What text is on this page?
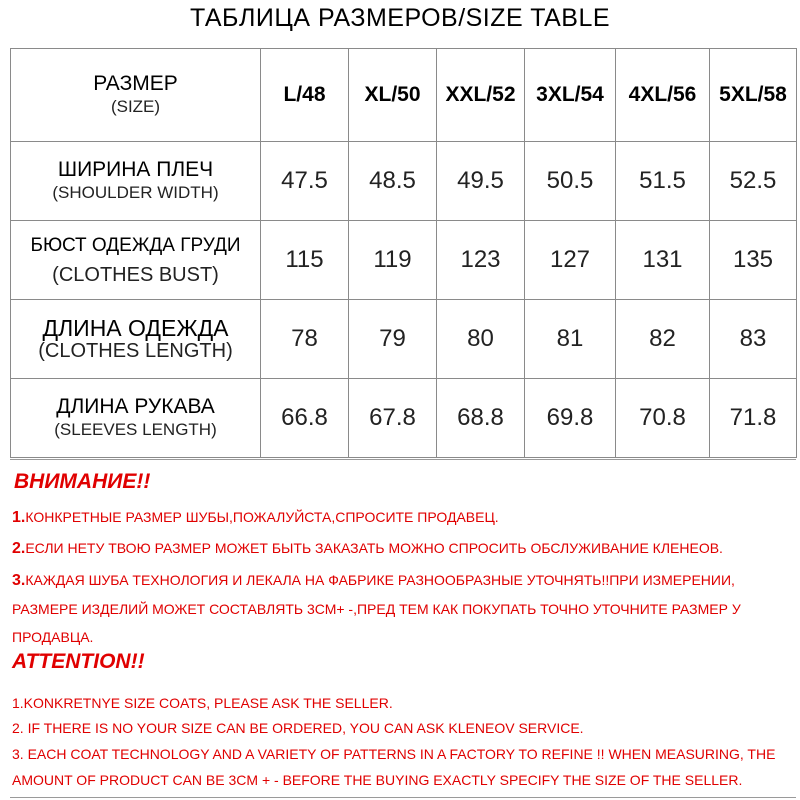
ТАБЛИЦА РАЗМЕРОВ/SIZE TABLE
РАЗМЕР
(SIZE)	L/48	XL/50	XXL/52	3XL/54	4XL/56	5XL/58

ШИРИНА ПЛЕЧ
(SHOULDER WIDTH)	47.5	48.5	49.5	50.5	51.5	52.5

БЮСТ ОДЕЖДА ГРУДИ
(CLOTHES BUST)	115	119	123	127	131	135

ДЛИНА ОДЕЖДА
(CLOTHES LENGTH)	78	79	80	81	82	83

ДЛИНА РУКАВА
(SLEEVES LENGTH)	66.8	67.8	68.8	69.8	70.8	71.8
ВНИМАНИЕ!!
1.КОНКРЕТНЫЕ РАЗМЕР ШУБЫ,ПОЖАЛУЙСТА,СПРОСИТЕ ПРОДАВЕЦ.
2.ЕСЛИ НЕТУ ТВОЮ РАЗМЕР МОЖЕТ БЫТЬ ЗАКАЗАТЬ МОЖНО СПРОСИТЬ ОБСЛУЖИВАНИЕ КЛЕНЕОВ.
3.КАЖДАЯ ШУБА ТЕХНОЛОГИЯ И ЛЕКАЛА НА ФАБРИКЕ РАЗНООБРАЗНЫЕ УТОЧНЯТЬ!!ПРИ ИЗМЕРЕНИИ, РАЗМЕРЕ ИЗДЕЛИЙ МОЖЕТ СОСТАВЛЯТЬ 3СМ+ -,ПРЕД ТЕМ КАК ПОКУПАТЬ ТОЧНО УТОЧНИТЕ РАЗМЕР У ПРОДАВЦА.
ATTENTION!!
1.KONKRETNYE SIZE COATS, PLEASE ASK THE SELLER.
2. IF THERE IS NO YOUR SIZE CAN BE ORDERED, YOU CAN ASK KLENEOV SERVICE.
3. EACH COAT TECHNOLOGY AND A VARIETY OF PATTERNS IN A FACTORY TO REFINE !! WHEN MEASURING, THE AMOUNT OF PRODUCT CAN BE 3CM + - BEFORE THE BUYING EXACTLY SPECIFY THE SIZE OF THE SELLER.
